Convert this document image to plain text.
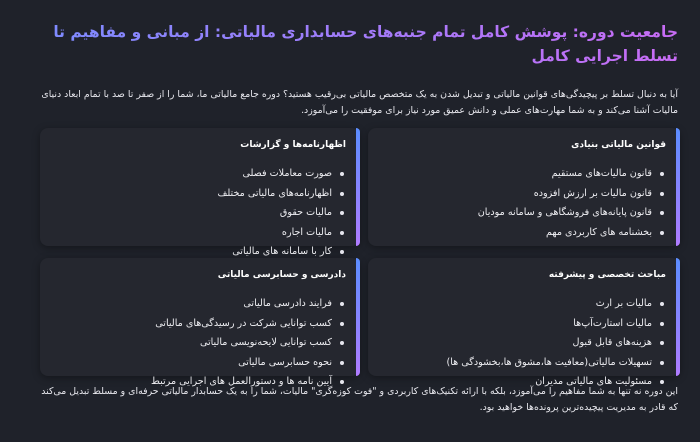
جامعیت دوره: پوشش کامل تمام جنبه‌های حسابداری مالیاتی: از مبانی و مفاهیم تا تسلط اجرایی کامل

آیا به دنبال تسلط بر پیچیدگی‌های قوانین مالیاتی و تبدیل شدن به یک متخصص مالیاتی بی‌رقیب هستید؟ دوره جامع مالیاتی ما، شما را از صفر تا صد با تمام ابعاد دنیای مالیات آشنا می‌کند و به شما مهارت‌های عملی و دانش عمیق مورد نیاز برای موفقیت را می‌آموزد.

قوانین مالیاتی بنیادی
قانون مالیات‌های مستقیم
قانون مالیات بر ارزش افزوده
قانون پایانه‌های فروشگاهی و سامانه مودیان
بخشنامه های کاربردی مهم
اظهارنامه‌ها و گزارشات
صورت معاملات فصلی
اظهارنامه‌های مالیاتی مختلف
مالیات حقوق
مالیات اجاره
کار با سامانه های مالیاتی
مباحث تخصصی و پیشرفته
مالیات بر ارث
مالیات استارت‌آپ‌ها
هزینه‌های قابل قبول
تسهیلات مالیاتی(معافیت ها،مشوق ها،بخشودگی ها)
مسئولیت های مالیاتی مدیران
دادرسی و حسابرسی مالیاتی
فرایند دادرسی مالیاتی
کسب توانایی شرکت در رسیدگی‌های مالیاتی
کسب توانایی لایحه‌نویسی مالیاتی
نحوه حسابرسی مالیاتی
آیین نامه ها و دستورالعمل های اجرایی مرتبط

این دوره نه تنها به شما مفاهیم را می‌آموزد، بلکه با ارائه تکنیک‌های کاربردی و "فوت کوزه‌گری" مالیات، شما را به یک حسابدار مالیاتی حرفه‌ای و مسلط تبدیل می‌کند که قادر به مدیریت پیچیده‌ترین پرونده‌ها خواهید بود.
